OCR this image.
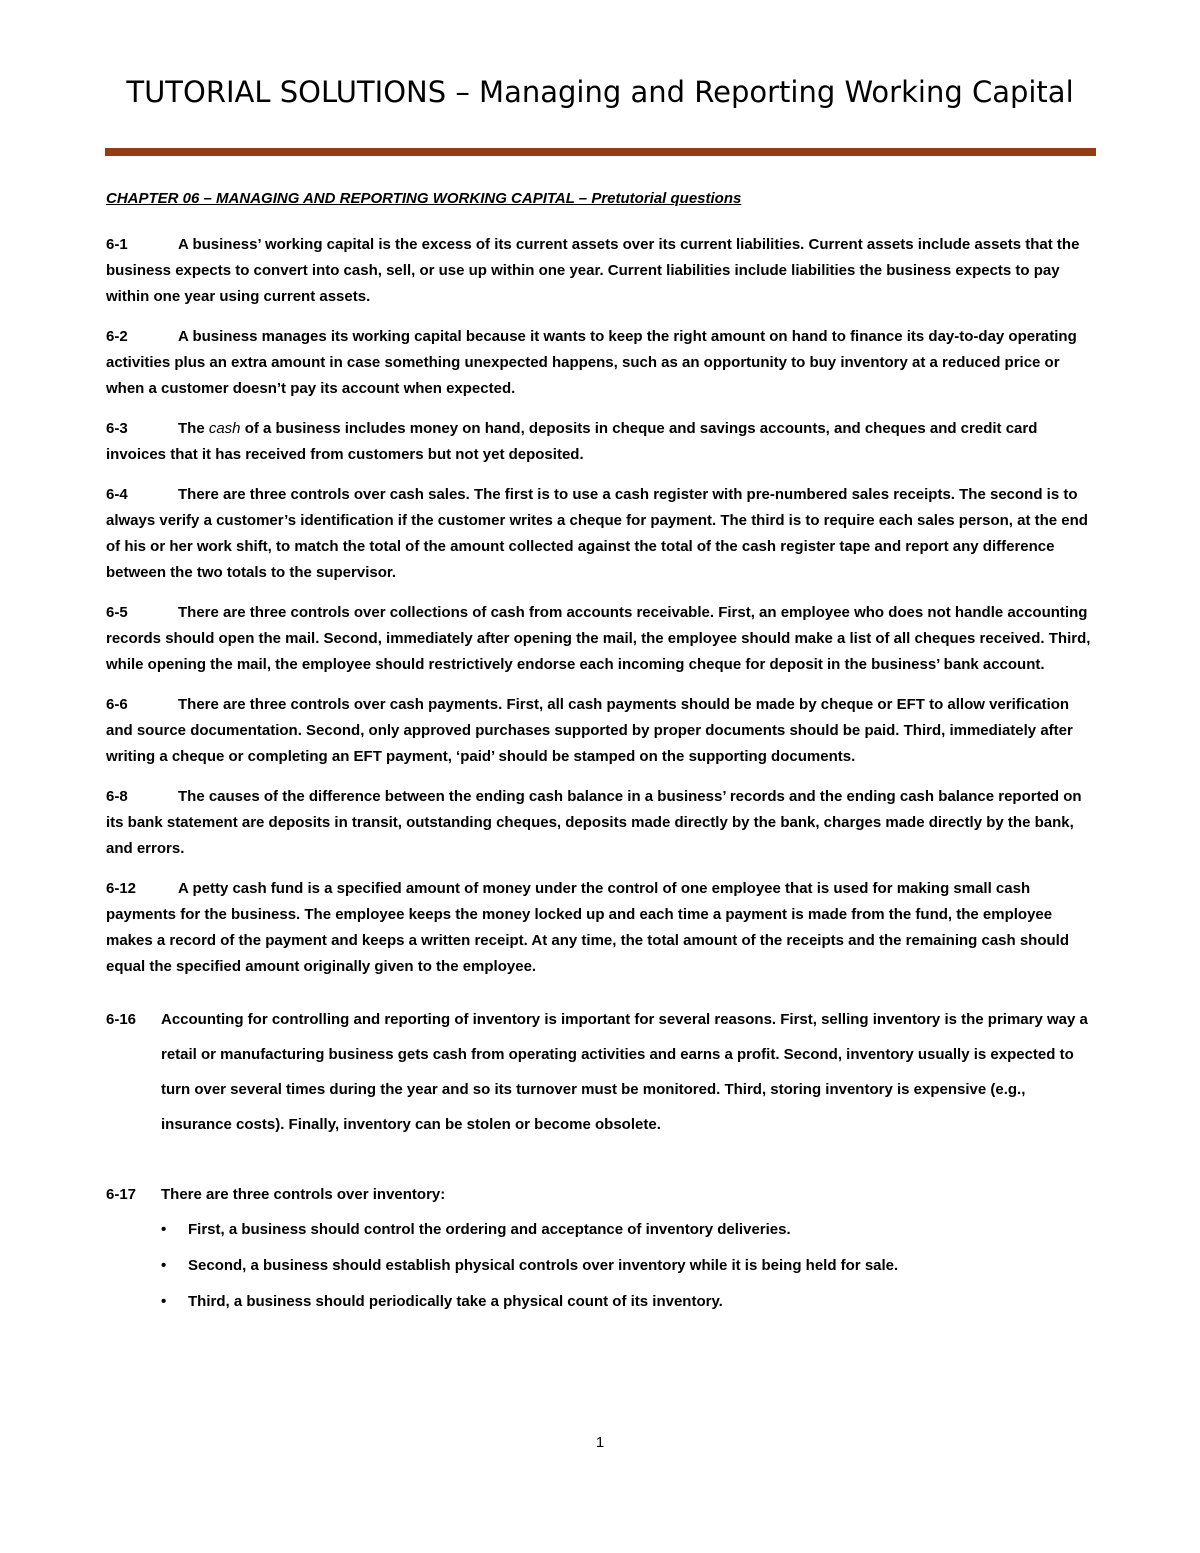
TUTORIAL SOLUTIONS – Managing and Reporting Working Capital

CHAPTER 06 – MANAGING AND REPORTING WORKING CAPITAL – Pretutorial questions

6-1	A business’ working capital is the excess of its current assets over its current liabilities. Current assets include assets that the business expects to convert into cash, sell, or use up within one year. Current liabilities include liabilities the business expects to pay within one year using current assets.

6-2	A business manages its working capital because it wants to keep the right amount on hand to finance its day-to-day operating activities plus an extra amount in case something unexpected happens, such as an opportunity to buy inventory at a reduced price or when a customer doesn’t pay its account when expected.

6-3	The cash of a business includes money on hand, deposits in cheque and savings accounts, and cheques and credit card invoices that it has received from customers but not yet deposited.

6-4	There are three controls over cash sales. The first is to use a cash register with pre-numbered sales receipts. The second is to always verify a customer’s identification if the customer writes a cheque for payment. The third is to require each sales person, at the end of his or her work shift, to match the total of the amount collected against the total of the cash register tape and report any difference between the two totals to the supervisor.

6-5	There are three controls over collections of cash from accounts receivable. First, an employee who does not handle accounting records should open the mail. Second, immediately after opening the mail, the employee should make a list of all cheques received. Third, while opening the mail, the employee should restrictively endorse each incoming cheque for deposit in the business’ bank account.

6-6	There are three controls over cash payments. First, all cash payments should be made by cheque or EFT to allow verification and source documentation. Second, only approved purchases supported by proper documents should be paid. Third, immediately after writing a cheque or completing an EFT payment, ‘paid’ should be stamped on the supporting documents.

6-8	The causes of the difference between the ending cash balance in a business’ records and the ending cash balance reported on its bank statement are deposits in transit, outstanding cheques, deposits made directly by the bank, charges made directly by the bank, and errors.

6-12	A petty cash fund is a specified amount of money under the control of one employee that is used for making small cash payments for the business. The employee keeps the money locked up and each time a payment is made from the fund, the employee makes a record of the payment and keeps a written receipt. At any time, the total amount of the receipts and the remaining cash should equal the specified amount originally given to the employee.

6-16 Accounting for controlling and reporting of inventory is important for several reasons. First, selling inventory is the primary way a retail or manufacturing business gets cash from operating activities and earns a profit. Second, inventory usually is expected to turn over several times during the year and so its turnover must be monitored. Third, storing inventory is expensive (e.g., insurance costs). Finally, inventory can be stolen or become obsolete.

6-17 There are three controls over inventory:

• First, a business should control the ordering and acceptance of inventory deliveries.
• Second, a business should establish physical controls over inventory while it is being held for sale.
• Third, a business should periodically take a physical count of its inventory.
1
